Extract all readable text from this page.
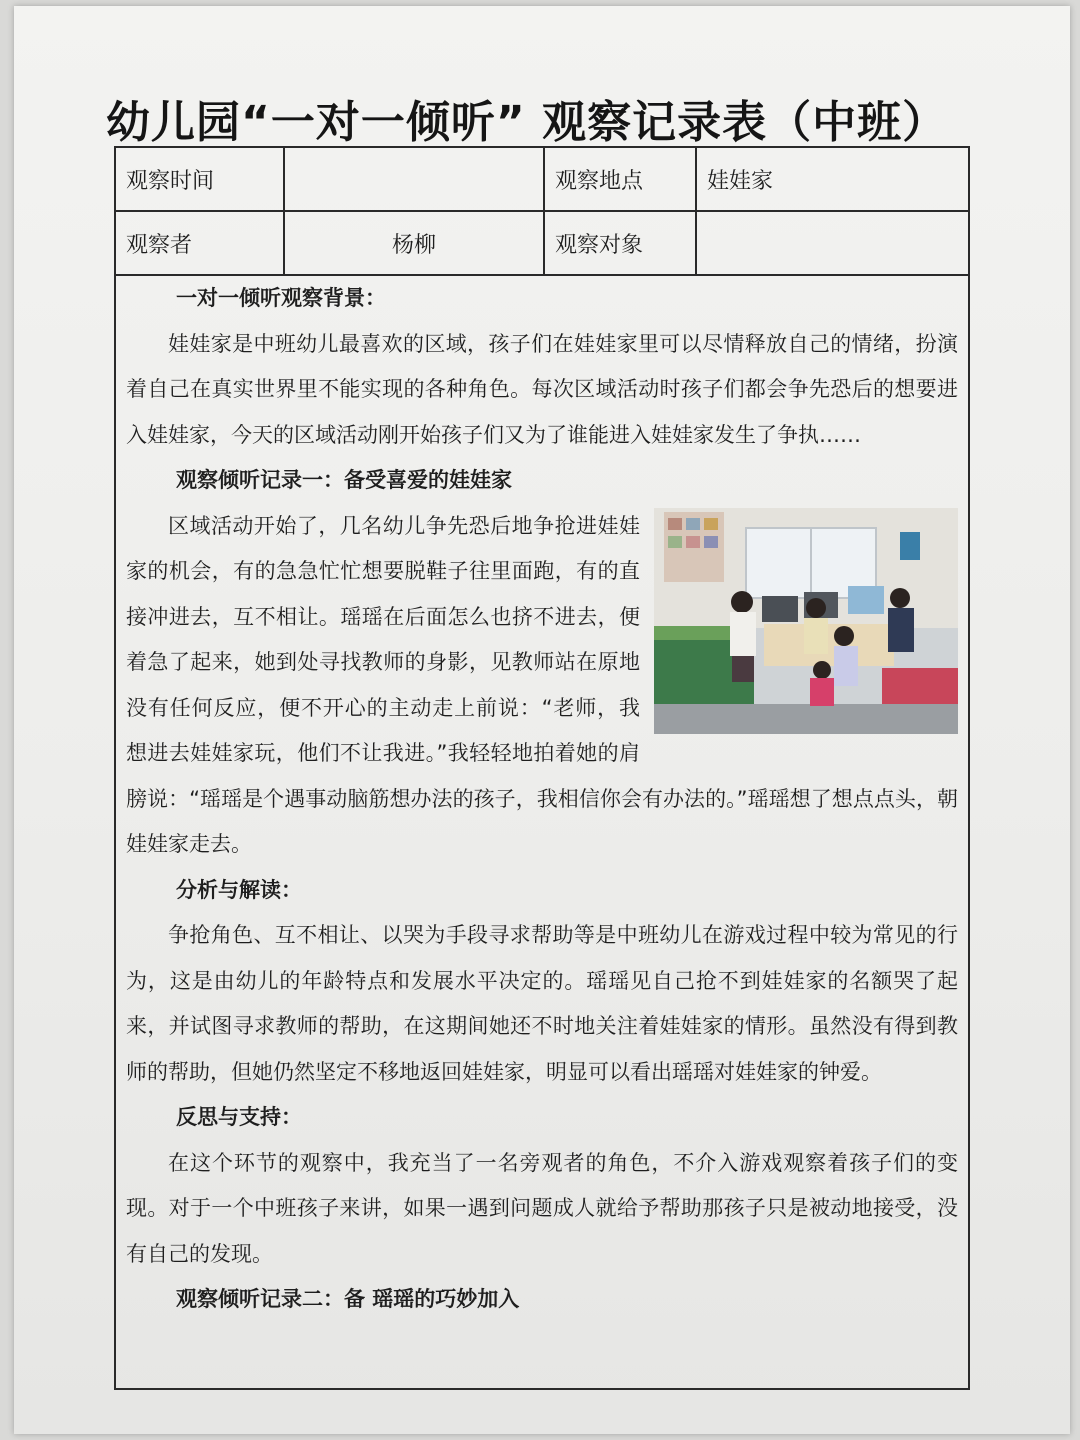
幼儿园“一对一倾听” 观察记录表（中班）
观察时间		观察地点	娃娃家
观察者	杨柳	观察对象	
一对一倾听观察背景：

娃娃家是中班幼儿最喜欢的区域，孩子们在娃娃家里可以尽情释放自己的情绪，扮演着自己在真实世界里不能实现的各种角色。每次区域活动时孩子们都会争先恐后的想要进入娃娃家，今天的区域活动刚开始孩子们又为了谁能进入娃娃家发生了争执……

观察倾听记录一：备受喜爱的娃娃家

区域活动开始了，几名幼儿争先恐后地争抢进娃娃家的机会，有的急急忙忙想要脱鞋子往里面跑，有的直接冲进去，互不相让。瑶瑶在后面怎么也挤不进去，便着急了起来，她到处寻找教师的身影，见教师站在原地没有任何反应，便不开心的主动走上前说：“老师，我想进去娃娃家玩，他们不让我进。”我轻轻地拍着她的肩膀说：“瑶瑶是个遇事动脑筋想办法的孩子，我相信你会有办法的。”瑶瑶想了想点点头，朝娃娃家走去。

分析与解读：

争抢角色、互不相让、以哭为手段寻求帮助等是中班幼儿在游戏过程中较为常见的行为，这是由幼儿的年龄特点和发展水平决定的。瑶瑶见自己抢不到娃娃家的名额哭了起来，并试图寻求教师的帮助，在这期间她还不时地关注着娃娃家的情形。虽然没有得到教师的帮助，但她仍然坚定不移地返回娃娃家，明显可以看出瑶瑶对娃娃家的钟爱。

反思与支持：

在这个环节的观察中，我充当了一名旁观者的角色，不介入游戏观察着孩子们的变现。对于一个中班孩子来讲，如果一遇到问题成人就给予帮助那孩子只是被动地接受，没有自己的发现。

观察倾听记录二：备 瑶瑶的巧妙加入
